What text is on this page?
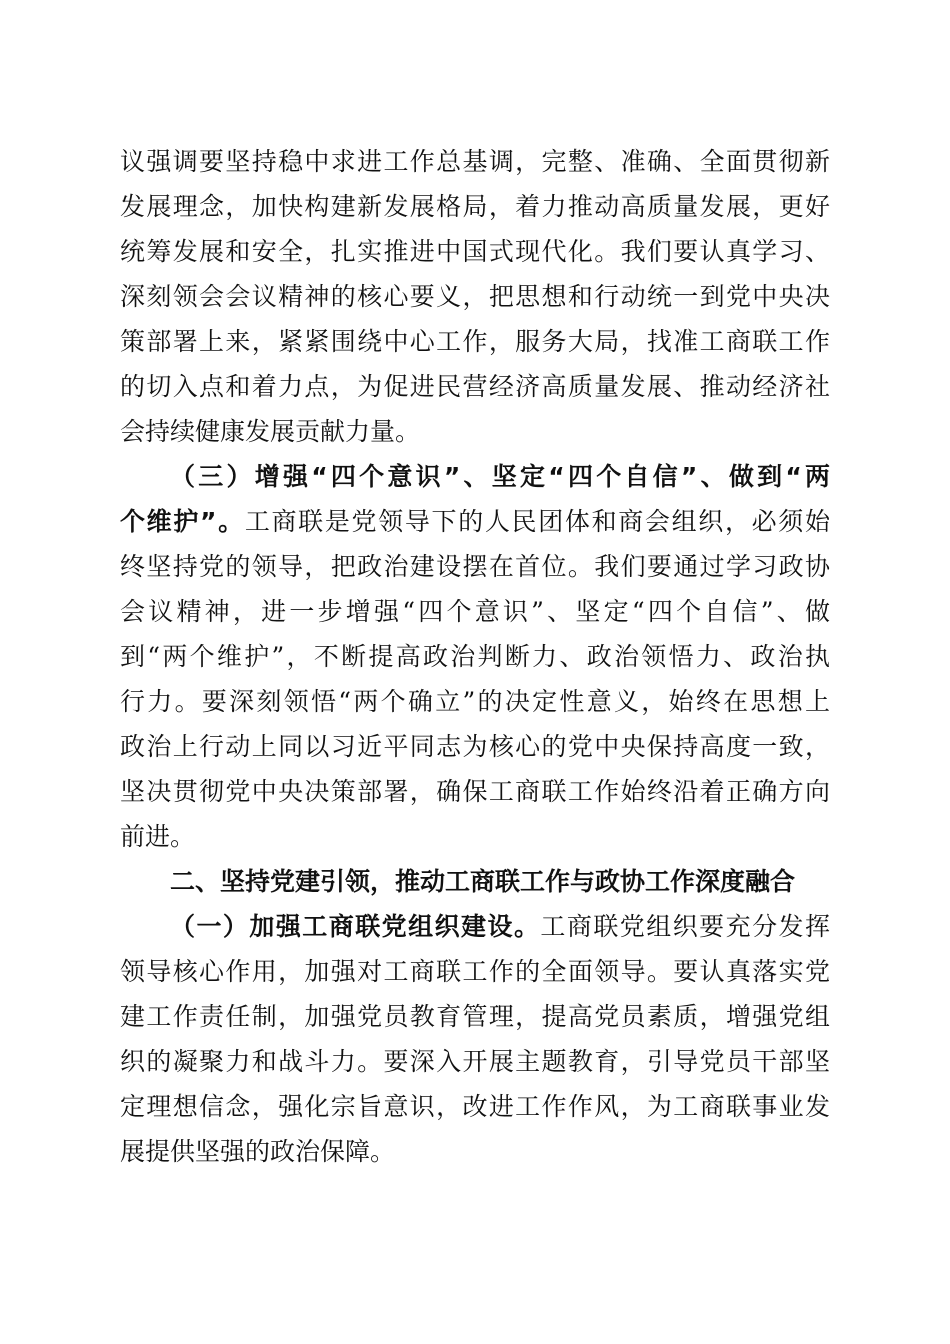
议强调要坚持稳中求进工作总基调，完整、准确、全面贯彻新
发展理念，加快构建新发展格局，着力推动高质量发展，更好
统筹发展和安全，扎实推进中国式现代化。我们要认真学习、
深刻领会会议精神的核心要义，把思想和行动统一到党中央决
策部署上来，紧紧围绕中心工作，服务大局，找准工商联工作
的切入点和着力点，为促进民营经济高质量发展、推动经济社
会持续健康发展贡献力量。
（三）增强“四个意识”、坚定“四个自信”、做到“两
个维护”。工商联是党领导下的人民团体和商会组织，必须始
终坚持党的领导，把政治建设摆在首位。我们要通过学习政协
会议精神，进一步增强“四个意识”、坚定“四个自信”、做
到“两个维护”，不断提高政治判断力、政治领悟力、政治执
行力。要深刻领悟“两个确立”的决定性意义，始终在思想上
政治上行动上同以习近平同志为核心的党中央保持高度一致，
坚决贯彻党中央决策部署，确保工商联工作始终沿着正确方向
前进。
二、坚持党建引领，推动工商联工作与政协工作深度融合
（一）加强工商联党组织建设。工商联党组织要充分发挥
领导核心作用，加强对工商联工作的全面领导。要认真落实党
建工作责任制，加强党员教育管理，提高党员素质，增强党组
织的凝聚力和战斗力。要深入开展主题教育，引导党员干部坚
定理想信念，强化宗旨意识，改进工作作风，为工商联事业发
展提供坚强的政治保障。
